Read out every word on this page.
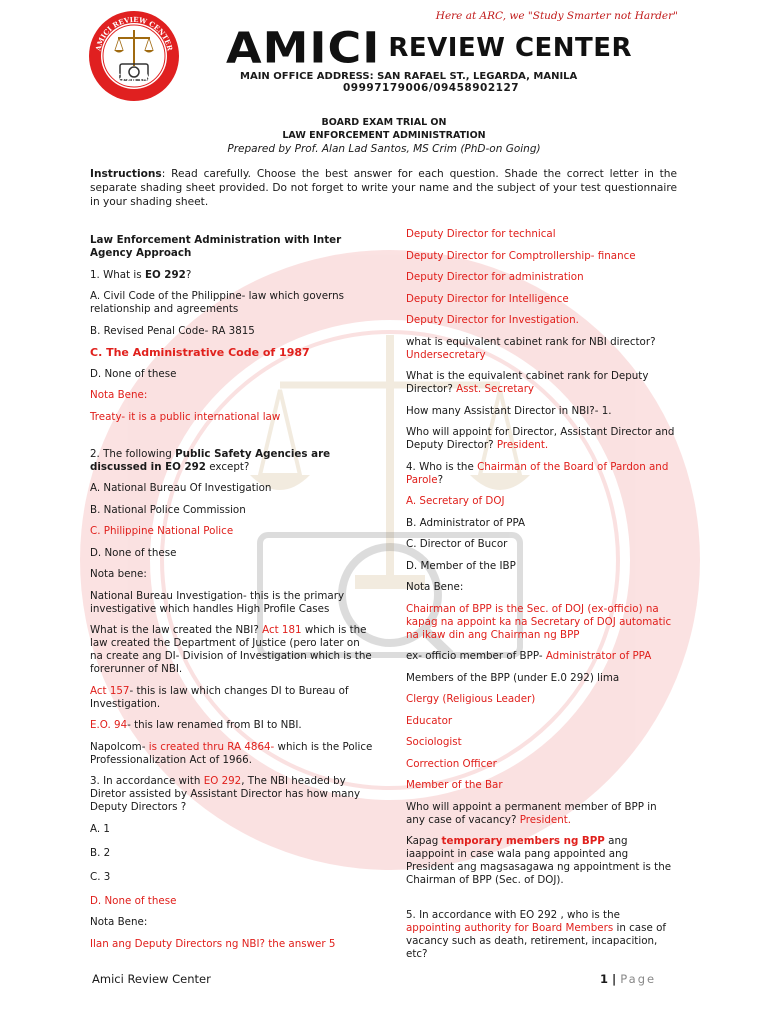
AMICI REVIEW CENTER
OFFICIAL
Here at ARC, we "Study Smarter not Harder"
AMICI REVIEW CENTER
MAIN OFFICE ADDRESS: SAN RAFAEL ST., LEGARDA, MANILA
09997179006/09458902127
BOARD EXAM TRIAL ON
LAW ENFORCEMENT ADMINISTRATION
Prepared by Prof. Alan Lad Santos, MS Crim (PhD-on Going)
Instructions: Read carefully. Choose the best answer for each question. Shade the correct letter in the separate shading sheet provided. Do not forget to write your name and the subject of your test questionnaire in your shading sheet.

Law Enforcement Administration with Inter Agency Approach

1. What is EO 292?

A. Civil Code of the Philippine- law which governs relationship and agreements

B. Revised Penal Code- RA 3815

C. The Administrative Code of 1987

D. None of these

Nota Bene:

Treaty- it is a public international law

2. The following Public Safety Agencies are discussed in EO 292 except?

A. National Bureau Of Investigation

B. National Police Commission

C. Philippine National Police

D. None of these

Nota bene:

National Bureau Investigation- this is the primary investigative which handles High Profile Cases

What is the law created the NBI? Act 181 which is the law created the Department of Justice (pero later on na create ang DI- Division of Investigation which is the forerunner of NBI.

Act 157- this is law which changes DI to Bureau of Investigation.

E.O. 94- this law renamed from BI to NBI.

Napolcom- is created thru RA 4864- which is the Police Professionalization Act of 1966.

3. In accordance with EO 292, The NBI headed by Diretor assisted by Assistant Director has how many Deputy Directors ?

A. 1

B. 2

C. 3

D. None of these

Nota Bene:

Ilan ang Deputy Directors ng NBI? the answer 5

Deputy Director for technical

Deputy Director for Comptrollership- finance

Deputy Director for administration

Deputy Director for Intelligence

Deputy Director for Investigation.

what is equivalent cabinet rank for NBI director? Undersecretary

What is the equivalent cabinet rank for Deputy Director? Asst. Secretary

How many Assistant Director in NBI?- 1.

Who will appoint for Director, Assistant Director and Deputy Director? President.

4. Who is the Chairman of the Board of Pardon and Parole?

A. Secretary of DOJ

B. Administrator of PPA

C. Director of Bucor

D. Member of the IBP

Nota Bene:

Chairman of BPP is the Sec. of DOJ (ex-officio) na kapag na appoint ka na Secretary of DOJ automatic na ikaw din ang Chairman ng BPP

ex- officio member of BPP- Administrator of PPA

Members of the BPP (under E.0 292) lima

Clergy (Religious Leader)

Educator

Sociologist

Correction Officer

Member of the Bar

Who will appoint a permanent member of BPP in any case of vacancy? President.

Kapag temporary members ng BPP ang iaappoint in case wala pang appointed ang President ang magsasagawa ng appointment is the Chairman of BPP (Sec. of DOJ).

5. In accordance with EO 292 , who is the appointing authority for Board Members in case of vacancy such as death, retirement, incapacition, etc?

Amici Review Center	1 | Page
